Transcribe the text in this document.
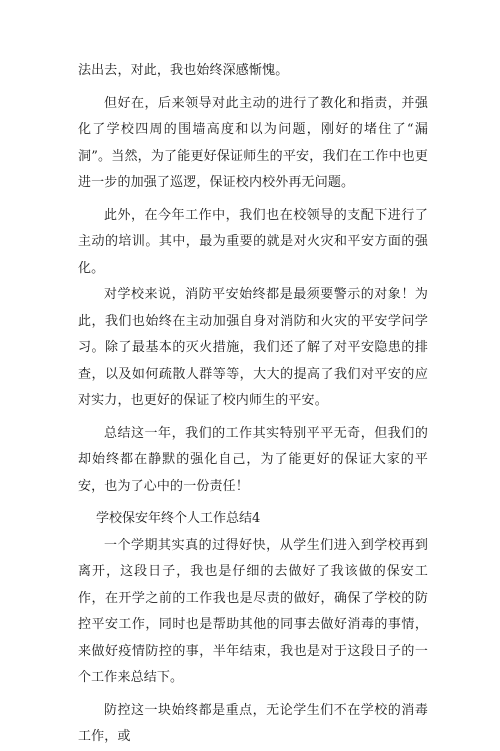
法出去，对此，我也始终深感惭愧。

但好在，后来领导对此主动的进行了教化和指责，并强化了学校四周的围墙高度和以为问题，刚好的堵住了“漏洞”。当然，为了能更好保证师生的平安，我们在工作中也更进一步的加强了巡逻，保证校内校外再无问题。

此外，在今年工作中，我们也在校领导的支配下进行了主动的培训。其中，最为重要的就是对火灾和平安方面的强化。

对学校来说，消防平安始终都是最须要警示的对象！为此，我们也始终在主动加强自身对消防和火灾的平安学问学习。除了最基本的灭火措施，我们还了解了对平安隐患的排查，以及如何疏散人群等等，大大的提高了我们对平安的应对实力，也更好的保证了校内师生的平安。

总结这一年，我们的工作其实特别平平无奇，但我们的却始终都在静默的强化自己，为了能更好的保证大家的平安，也为了心中的一份责任！

学校保安年终个人工作总结4

一个学期其实真的过得好快，从学生们进入到学校再到离开，这段日子，我也是仔细的去做好了我该做的保安工作，在开学之前的工作我也是尽责的做好，确保了学校的防控平安工作，同时也是帮助其他的同事去做好消毒的事情，来做好疫情防控的事，半年结束，我也是对于这段日子的一个工作来总结下。

防控这一块始终都是重点，无论学生们不在学校的消毒工作，或
